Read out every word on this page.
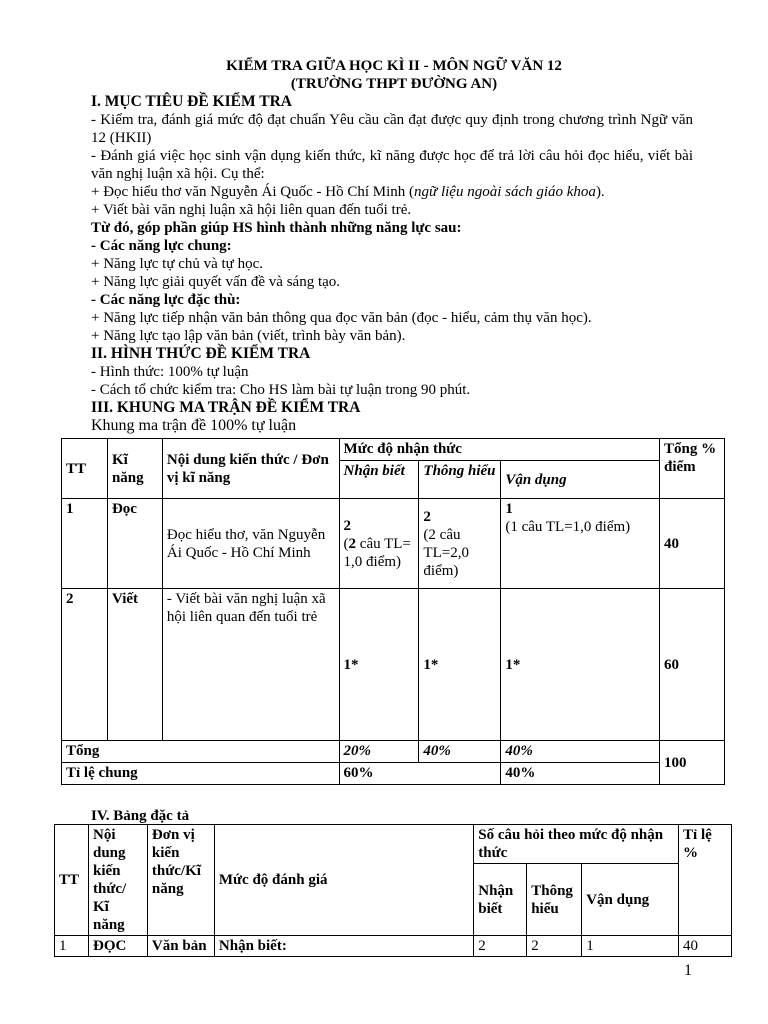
KIỂM TRA GIỮA HỌC KÌ II - MÔN NGỮ VĂN 12
(TRƯỜNG THPT ĐƯỜNG AN)

I. MỤC TIÊU ĐỀ KIỂM TRA

- Kiểm tra, đánh giá mức độ đạt chuẩn Yêu cầu cần đạt được quy định trong chương trình Ngữ văn 12 (HKII)

- Đánh giá việc học sinh vận dụng kiến thức, kĩ năng được học để trả lời câu hỏi đọc hiểu, viết bài văn nghị luận xã hội. Cụ thể:

+ Đọc hiểu thơ văn Nguyễn Ái Quốc - Hồ Chí Minh (ngữ liệu ngoài sách giáo khoa).

+ Viết bài văn nghị luận xã hội liên quan đến tuổi trẻ.

Từ đó, góp phần giúp HS hình thành những năng lực sau:

- Các năng lực chung:

+ Năng lực tự chủ và tự học.

+ Năng lực giải quyết vấn đề và sáng tạo.

- Các năng lực đặc thù:

+ Năng lực tiếp nhận văn bản thông qua đọc văn bản (đọc - hiểu, cảm thụ văn học).

+ Năng lực tạo lập văn bản (viết, trình bày văn bản).

II. HÌNH THỨC ĐỀ KIỂM TRA

- Hình thức: 100% tự luận

- Cách tổ chức kiểm tra: Cho HS làm bài tự luận trong 90 phút.

III. KHUNG MA TRẬN ĐỀ KIỂM TRA

Khung ma trận đề 100% tự luận

TT	Kĩ năng	Nội dung kiến thức / Đơn vị kĩ năng	Mức độ nhận thức			Tổng % điểm
			Nhận biết	Thông hiểu	Vận dụng	
1	Đọc	Đọc hiểu thơ, văn Nguyễn Ái Quốc - Hồ Chí Minh	2
(2 câu TL= 1,0 điểm)	2
(2 câu TL=2,0 điểm)	1
(1 câu TL=1,0 điểm)	40
2	Viết	- Viết bài văn nghị luận xã hội liên quan đến tuổi trẻ	1*	1*	1*	60
Tổng			20%	40%	40%	100
Tỉ lệ chung			60%		40%	
IV. Bảng đặc tả
TT	Nội dung kiến thức/ Kĩ năng	Đơn vị kiến thức/Kĩ năng	Mức độ đánh giá	Số câu hỏi theo mức độ nhận thức			Tỉ lệ %
				Nhận biết	Thông hiểu	Vận dụng	
1	ĐỌC	Văn bản	Nhận biết:	2	2	1	40
1
